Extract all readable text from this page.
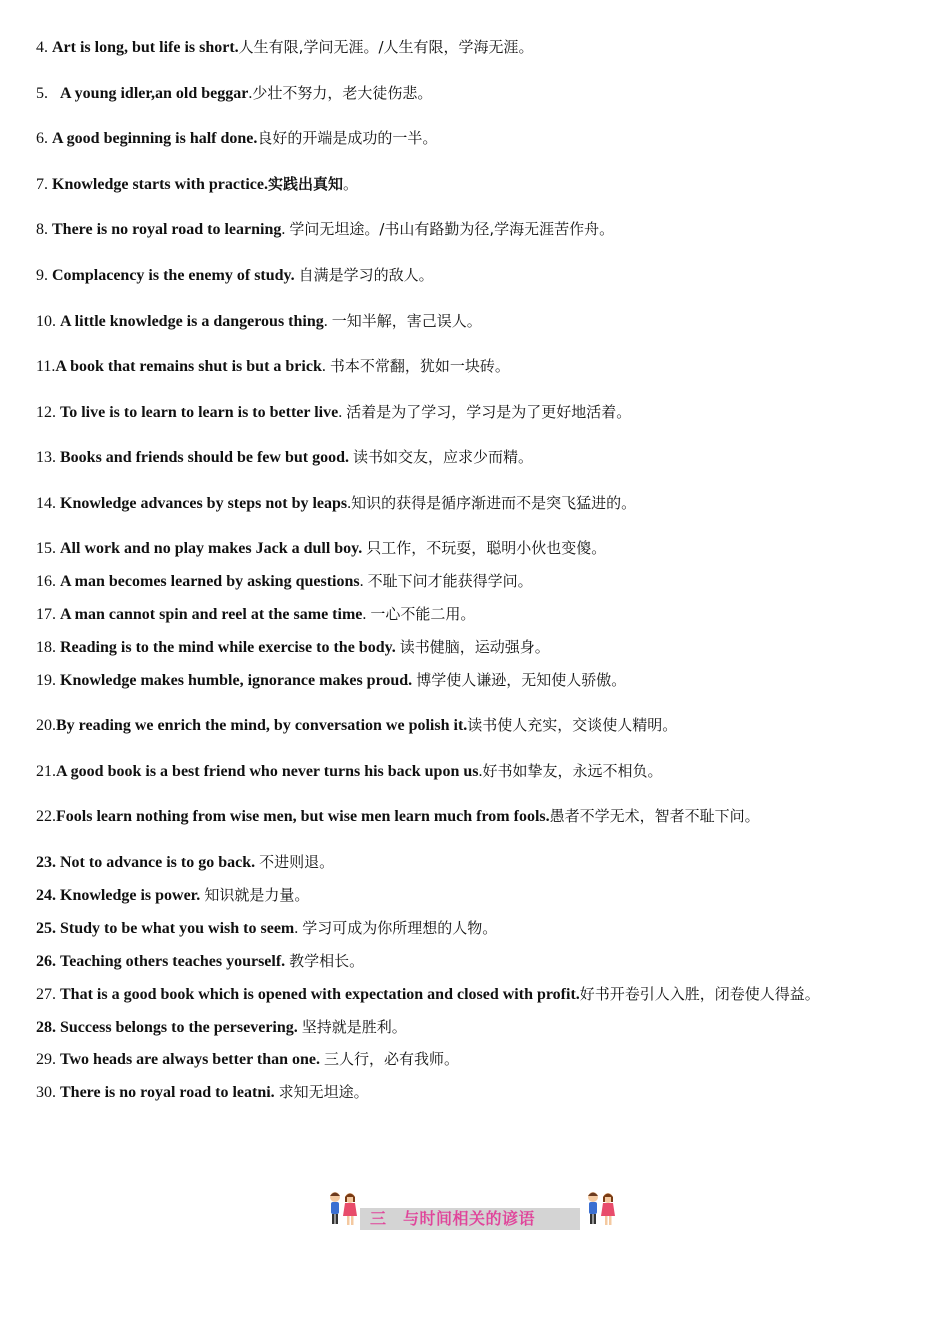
4. Art is long, but life is short.人生有限,学问无涯。/人生有限，学海无涯。
5. A young idler,an old beggar.少壮不努力，老大徒伤悲。
6. A good beginning is half done.良好的开端是成功的一半。
7. Knowledge starts with practice.实践出真知。
8. There is no royal road to learning. 学问无坦途。/书山有路勤为径,学海无涯苦作舟。
9. Complacency is the enemy of study. 自满是学习的敌人。
10. A little knowledge is a dangerous thing. 一知半解，害己误人。
11.A book that remains shut is but a brick. 书本不常翻，犹如一块砖。
12. To live is to learn to learn is to better live. 活着是为了学习，学习是为了更好地活着。
13. Books and friends should be few but good. 读书如交友，应求少而精。
14. Knowledge advances by steps not by leaps.知识的获得是循序渐进而不是突飞猛进的。
15. All work and no play makes Jack a dull boy. 只工作，不玩耍，聪明小伙也变傻。
16. A man becomes learned by asking questions. 不耻下问才能获得学问。
17. A man cannot spin and reel at the same time. 一心不能二用。
18. Reading is to the mind while exercise to the body. 读书健脑，运动强身。
19. Knowledge makes humble, ignorance makes proud. 博学使人谦逊，无知使人骄傲。
20.By reading we enrich the mind, by conversation we polish it.读书使人充实，交谈使人精明。
21.A good book is a best friend who never turns his back upon us.好书如挚友，永远不相负。
22.Fools learn nothing from wise men, but wise men learn much from fools.愚者不学无术，智者不耻下问。
23. Not to advance is to go back. 不进则退。
24. Knowledge is power. 知识就是力量。
25. Study to be what you wish to seem. 学习可成为你所理想的人物。
26. Teaching others teaches yourself. 教学相长。
27. That is a good book which is opened with expectation and closed with profit.好书开卷引人入胜，闭卷使人得益。
28. Success belongs to the persevering. 坚持就是胜利。
29. Two heads are always better than one. 三人行，必有我师。
30. There is no royal road to leatni. 求知无坦途。
三　与时间相关的谚语
